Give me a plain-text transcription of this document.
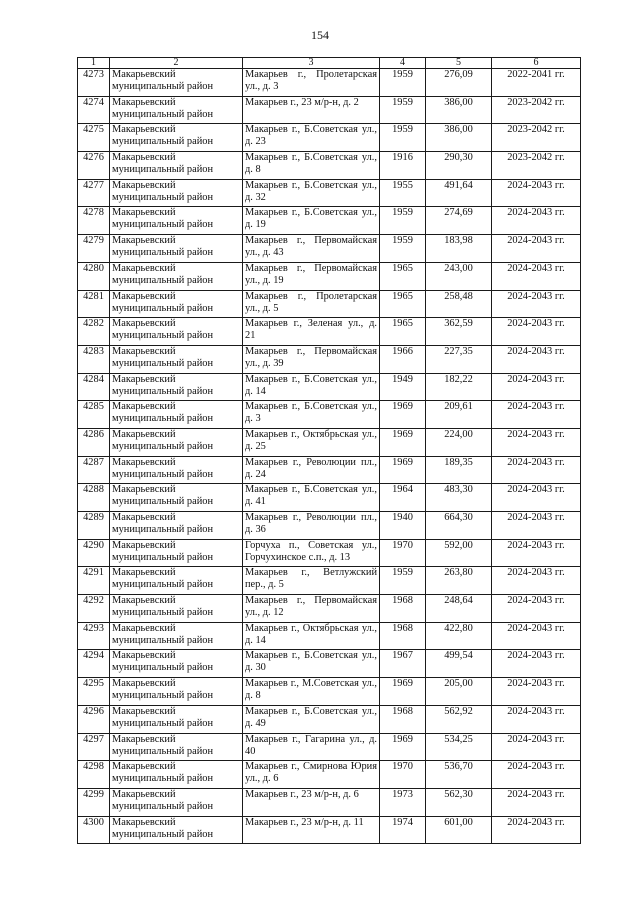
154
1	2	3	4	5	6
4273	Макарьевский муниципальный район	Макарьев г., Пролетарская ул., д. 3	1959	276,09	2022-2041 гг.
4274	Макарьевский муниципальный район	Макарьев г., 23 м/р-н, д. 2	1959	386,00	2023-2042 гг.
4275	Макарьевский муниципальный район	Макарьев г., Б.Советская ул., д. 23	1959	386,00	2023-2042 гг.
4276	Макарьевский муниципальный район	Макарьев г., Б.Советская ул., д. 8	1916	290,30	2023-2042 гг.
4277	Макарьевский муниципальный район	Макарьев г., Б.Советская ул., д. 32	1955	491,64	2024-2043 гг.
4278	Макарьевский муниципальный район	Макарьев г., Б.Советская ул., д. 19	1959	274,69	2024-2043 гг.
4279	Макарьевский муниципальный район	Макарьев г., Первомайская ул., д. 43	1959	183,98	2024-2043 гг.
4280	Макарьевский муниципальный район	Макарьев г., Первомайская ул., д. 19	1965	243,00	2024-2043 гг.
4281	Макарьевский муниципальный район	Макарьев г., Пролетарская ул., д. 5	1965	258,48	2024-2043 гг.
4282	Макарьевский муниципальный район	Макарьев г., Зеленая ул., д. 21	1965	362,59	2024-2043 гг.
4283	Макарьевский муниципальный район	Макарьев г., Первомайская ул., д. 39	1966	227,35	2024-2043 гг.
4284	Макарьевский муниципальный район	Макарьев г., Б.Советская ул., д. 14	1949	182,22	2024-2043 гг.
4285	Макарьевский муниципальный район	Макарьев г., Б.Советская ул., д. 3	1969	209,61	2024-2043 гг.
4286	Макарьевский муниципальный район	Макарьев г., Октябрьская ул., д. 25	1969	224,00	2024-2043 гг.
4287	Макарьевский муниципальный район	Макарьев г., Революции пл., д. 24	1969	189,35	2024-2043 гг.
4288	Макарьевский муниципальный район	Макарьев г., Б.Советская ул., д. 41	1964	483,30	2024-2043 гг.
4289	Макарьевский муниципальный район	Макарьев г., Революции пл., д. 36	1940	664,30	2024-2043 гг.
4290	Макарьевский муниципальный район	Горчуха п., Советская ул., Горчухинское с.п., д. 13	1970	592,00	2024-2043 гг.
4291	Макарьевский муниципальный район	Макарьев г., Ветлужский пер., д. 5	1959	263,80	2024-2043 гг.
4292	Макарьевский муниципальный район	Макарьев г., Первомайская ул., д. 12	1968	248,64	2024-2043 гг.
4293	Макарьевский муниципальный район	Макарьев г., Октябрьская ул., д. 14	1968	422,80	2024-2043 гг.
4294	Макарьевский муниципальный район	Макарьев г., Б.Советская ул., д. 30	1967	499,54	2024-2043 гг.
4295	Макарьевский муниципальный район	Макарьев г., М.Советская ул., д. 8	1969	205,00	2024-2043 гг.
4296	Макарьевский муниципальный район	Макарьев г., Б.Советская ул., д. 49	1968	562,92	2024-2043 гг.
4297	Макарьевский муниципальный район	Макарьев г., Гагарина ул., д. 40	1969	534,25	2024-2043 гг.
4298	Макарьевский муниципальный район	Макарьев г., Смирнова Юрия ул., д. 6	1970	536,70	2024-2043 гг.
4299	Макарьевский муниципальный район	Макарьев г., 23 м/р-н, д. 6	1973	562,30	2024-2043 гг.
4300	Макарьевский муниципальный район	Макарьев г., 23 м/р-н, д. 11	1974	601,00	2024-2043 гг.
